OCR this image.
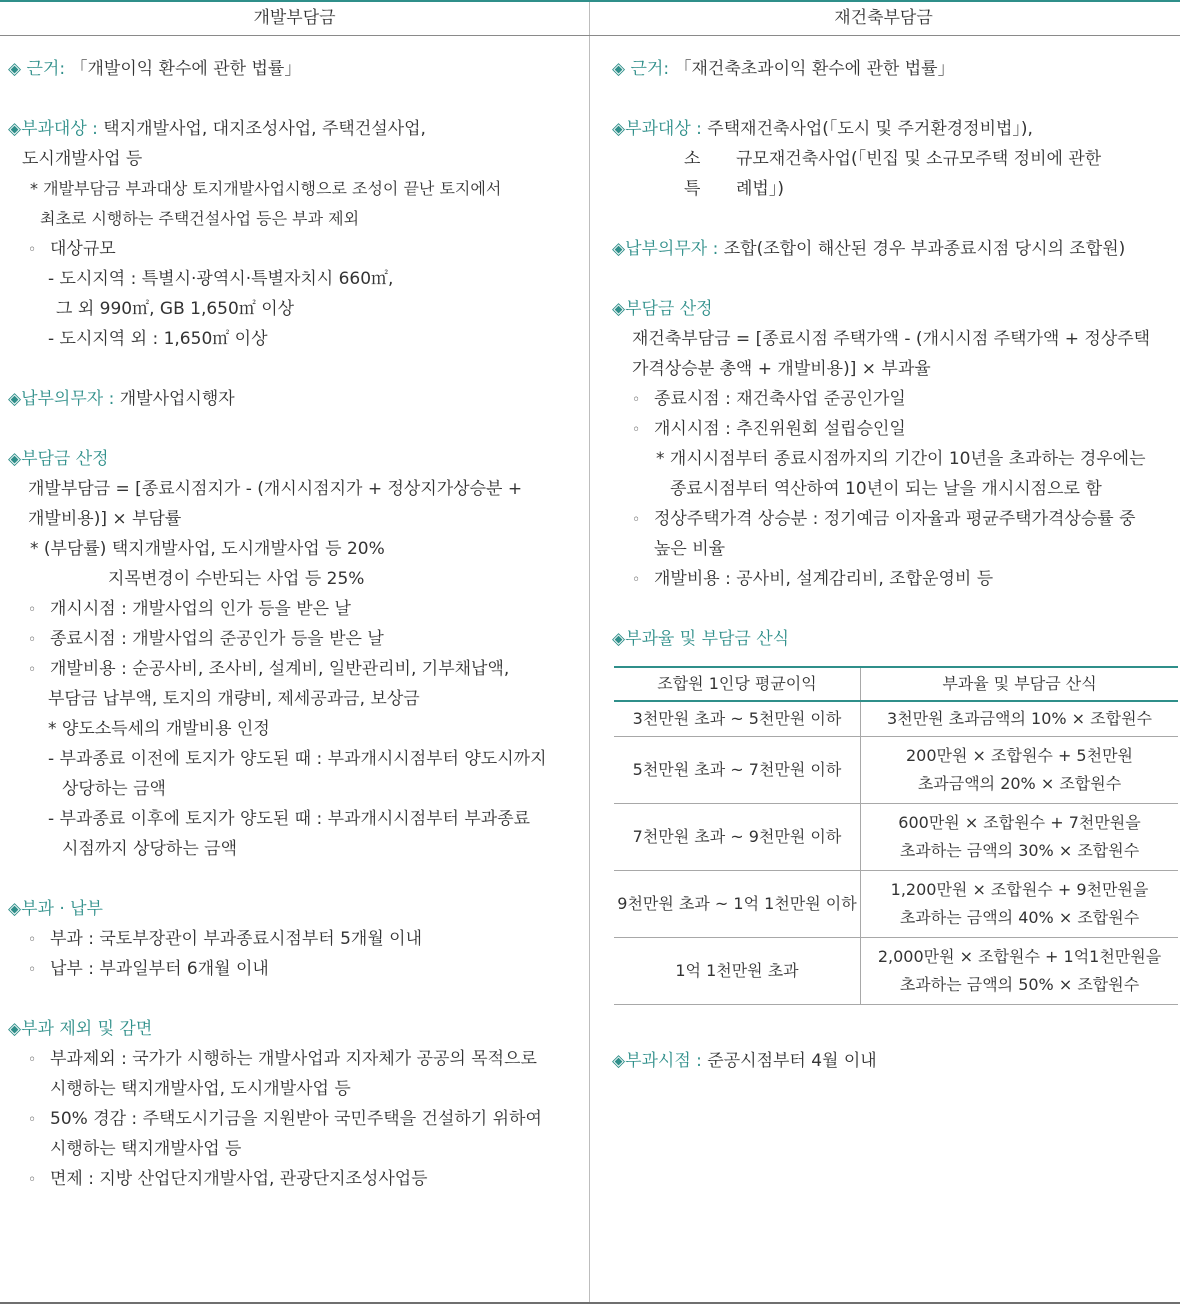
개발부담금	재건축부담금
◈ 근거: 「개발이익 환수에 관한 법률」
◈부과대상 : 택지개발사업, 대지조성사업, 주택건설사업,
도시개발사업 등
* 개발부담금 부과대상 토지개발사업시행으로 조성이 끝난 토지에서
최초로 시행하는 주택건설사업 등은 부과 제외
◦ 대상규모
- 도시지역 : 특별시·광역시·특별자치시 660㎡,
그 외 990㎡, GB 1,650㎡ 이상
- 도시지역 외 : 1,650㎡ 이상
◈납부의무자 : 개발사업시행자
◈부담금 산정
개발부담금 = [종료시점지가 - (개시시점지가 + 정상지가상승분 +
개발비용)] × 부담률
* (부담률) 택지개발사업, 도시개발사업 등 20%
지목변경이 수반되는 사업 등 25%
◦ 개시시점 : 개발사업의 인가 등을 받은 날
◦ 종료시점 : 개발사업의 준공인가 등을 받은 날
◦ 개발비용 : 순공사비, 조사비, 설계비, 일반관리비, 기부채납액,
부담금 납부액, 토지의 개량비, 제세공과금, 보상금
* 양도소득세의 개발비용 인정
- 부과종료 이전에 토지가 양도된 때 : 부과개시시점부터 양도시까지
상당하는 금액
- 부과종료 이후에 토지가 양도된 때 : 부과개시시점부터 부과종료
시점까지 상당하는 금액
◈부과 · 납부
◦ 부과 : 국토부장관이 부과종료시점부터 5개월 이내
◦ 납부 : 부과일부터 6개월 이내
◈부과 제외 및 감면
◦ 부과제외 : 국가가 시행하는 개발사업과 지자체가 공공의 목적으로
시행하는 택지개발사업, 도시개발사업 등
◦ 50% 경감 : 주택도시기금을 지원받아 국민주택을 건설하기 위하여
시행하는 택지개발사업 등
◦ 면제 : 지방 산업단지개발사업, 관광단지조성사업등
◈ 근거: 「재건축초과이익 환수에 관한 법률」
◈부과대상 : 주택재건축사업(「도시 및 주거환경정비법」),
소 규모재건축사업(「빈집 및 소규모주택 정비에 관한
특 례법」)
◈납부의무자 : 조합(조합이 해산된 경우 부과종료시점 당시의 조합원)
◈부담금 산정
재건축부담금 = [종료시점 주택가액 - (개시시점 주택가액 + 정상주택
가격상승분 총액 + 개발비용)] × 부과율
◦ 종료시점 : 재건축사업 준공인가일
◦ 개시시점 : 추진위원회 설립승인일
* 개시시점부터 종료시점까지의 기간이 10년을 초과하는 경우에는
종료시점부터 역산하여 10년이 되는 날을 개시시점으로 함
◦ 정상주택가격 상승분 : 정기예금 이자율과 평균주택가격상승률 중
높은 비율
◦ 개발비용 : 공사비, 설계감리비, 조합운영비 등
◈부과율 및 부담금 산식
조합원 1인당 평균이익	부과율 및 부담금 산식
3천만원 초과 ~ 5천만원 이하	3천만원 초과금액의 10% × 조합원수
5천만원 초과 ~ 7천만원 이하	200만원 × 조합원수 + 5천만원
초과금액의 20% × 조합원수

7천만원 초과 ~ 9천만원 이하	600만원 × 조합원수 + 7천만원을
초과하는 금액의 30% × 조합원수

9천만원 초과 ~ 1억 1천만원 이하	1,200만원 × 조합원수 + 9천만원을
초과하는 금액의 40% × 조합원수

1억 1천만원 초과	2,000만원 × 조합원수 + 1억1천만원을
초과하는 금액의 50% × 조합원수
◈부과시점 : 준공시점부터 4월 이내
